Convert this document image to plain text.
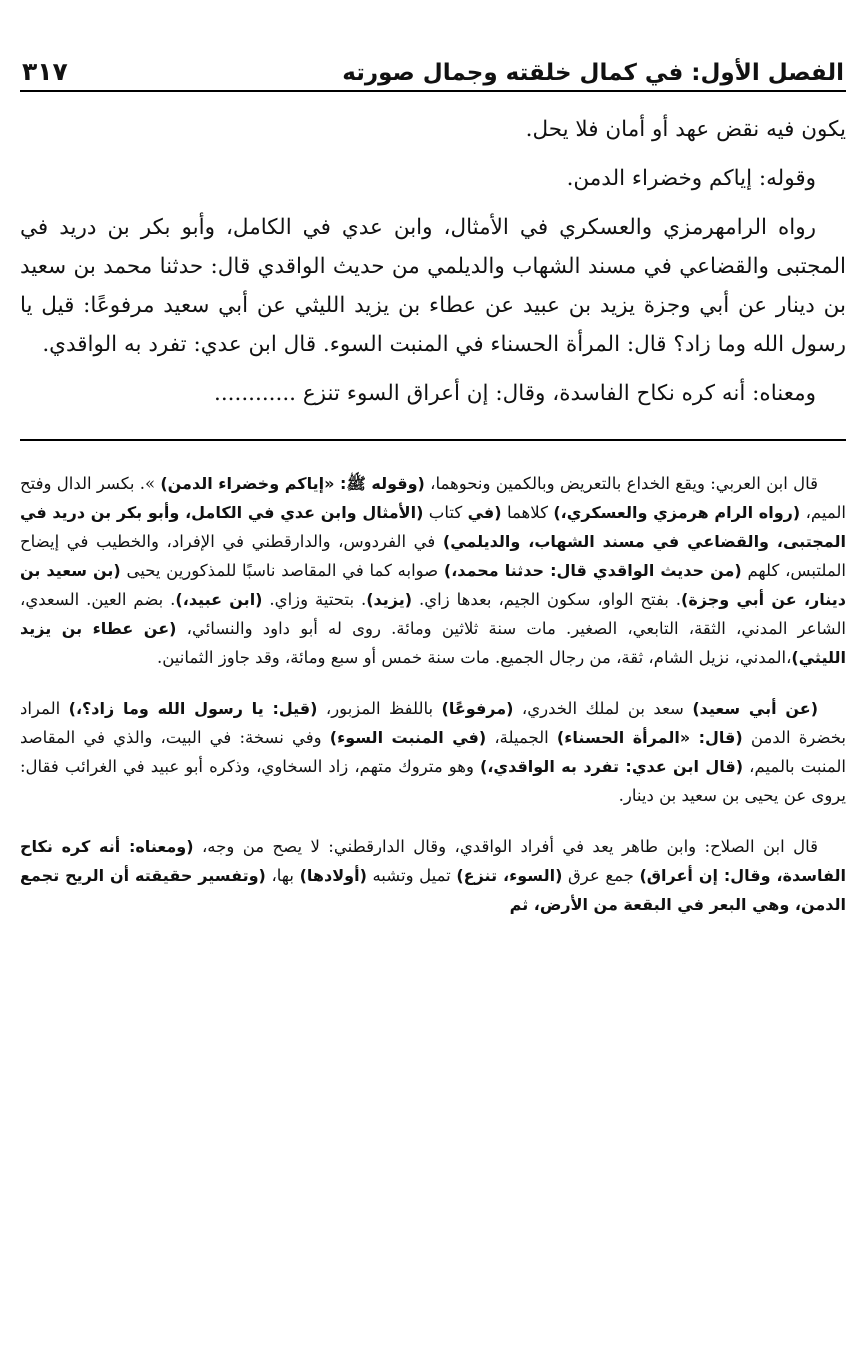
الفصل الأول: في كمال خلقته وجمال صورته
٣١٧

يكون فيه نقض عهد أو أمان فلا يحل.

وقوله: إياكم وخضراء الدمن.

رواه الرامهرمزي والعسكري في الأمثال، وابن عدي في الكامل، وأبو بكر بن دريد في المجتبى والقضاعي في مسند الشهاب والديلمي من حديث الواقدي قال: حدثنا محمد بن سعيد بن دينار عن أبي وجزة يزيد بن عبيد عن عطاء بن يزيد الليثي عن أبي سعيد مرفوعًا: قيل يا رسول الله وما زاد؟ قال: المرأة الحسناء في المنبت السوء. قال ابن عدي: تفرد به الواقدي.

ومعناه: أنه كره نكاح الفاسدة، وقال: إن أعراق السوء تنزع ............

قال ابن العربي: ويقع الخداع بالتعريض وبالكمين ونحوهما، (وقوله ﷺ: «إياكم وخضراء الدمن) ». بكسر الدال وفتح الميم، (رواه الرام هرمزي والعسكري،) كلاهما (في كتاب (الأمثال وابن عدي في الكامل، وأبو بكر بن دريد في المجتبى، والقضاعي في مسند الشهاب، والديلمي) في الفردوس، والدارقطني في الإفراد، والخطيب في إيضاح الملتبس، كلهم (من حديث الواقدي قال: حدثنا محمد،) صوابه كما في المقاصد ناسبًا للمذكورين يحيى (بن سعيد بن دينار، عن أبي وجزة). بفتح الواو، سكون الجيم، بعدها زاي. (يزيد). بتحتية وزاي. (ابن عبيد،). بضم العين. السعدي، الشاعر المدني، الثقة، التابعي، الصغير. مات سنة ثلاثين ومائة. روى له أبو داود والنسائي، (عن عطاء بن يزيد الليثي)،المدني، نزيل الشام، ثقة، من رجال الجميع. مات سنة خمس أو سبع ومائة، وقد جاوز الثمانين.

(عن أبي سعيد) سعد بن لملك الخدري، (مرفوعًا) باللفظ المزبور، (قيل: يا رسول الله وما زاد؟،) المراد بخضرة الدمن (قال: «المرأة الحسناء) الجميلة، (في المنبت السوء) وفي نسخة: في البيت، والذي في المقاصد المنبت بالميم، (قال ابن عدي: تفرد به الواقدي،) وهو متروك متهم، زاد السخاوي، وذكره أبو عبيد في الغرائب فقال: يروى عن يحيى بن سعيد بن دينار.

قال ابن الصلاح: وابن طاهر يعد في أفراد الواقدي، وقال الدارقطني: لا يصح من وجه، (ومعناه: أنه كره نكاح الفاسدة، وقال: إن أعراق) جمع عرق (السوء، تنزع) تميل وتشبه (أولادها) بها، (وتفسير حقيقته أن الريح تجمع الدمن، وهي البعر في البقعة من الأرض، ثم
